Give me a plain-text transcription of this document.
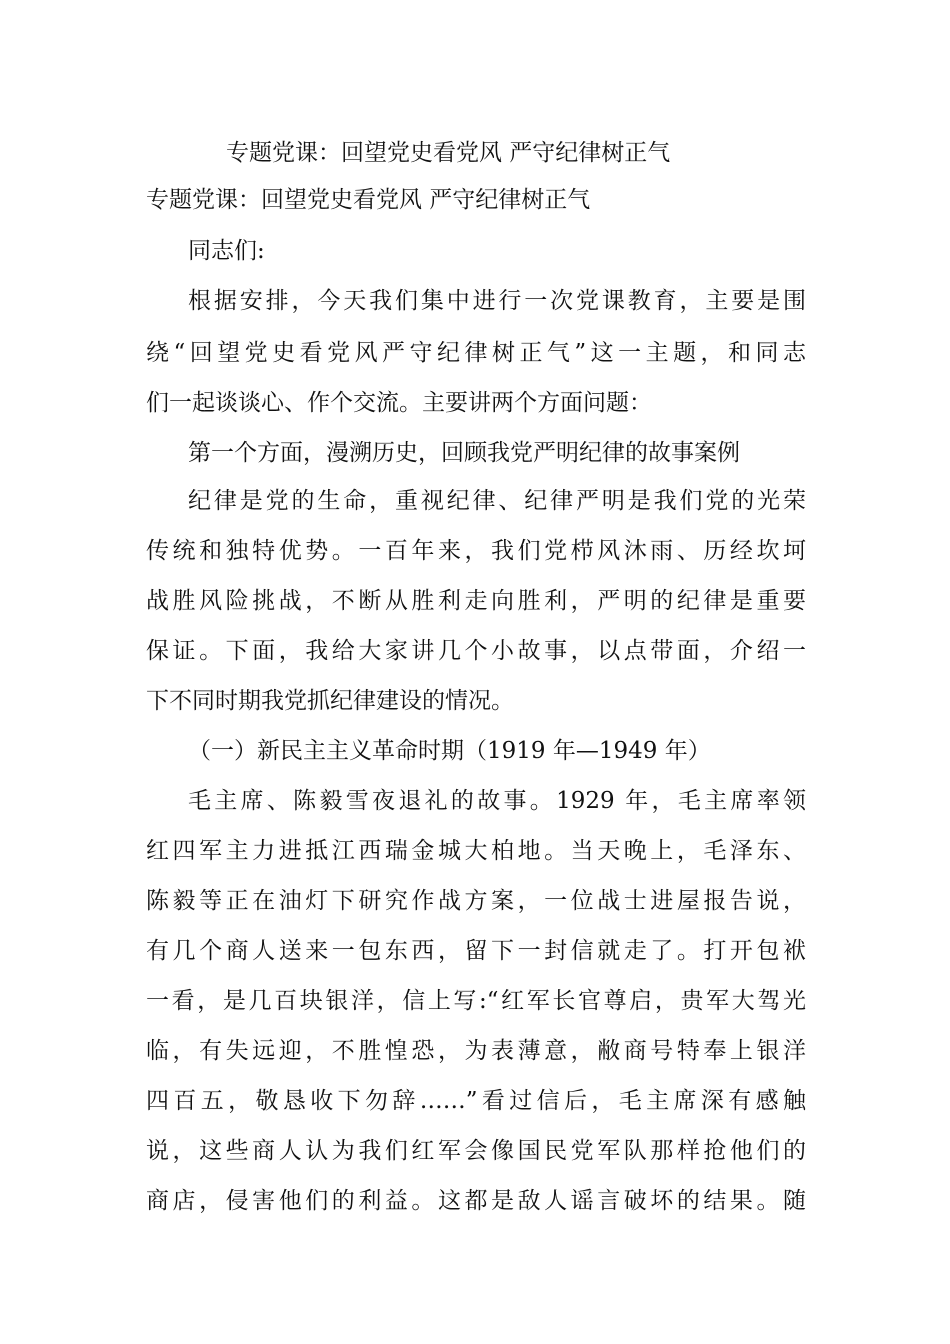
专题党课：回望党史看党风 严守纪律树正气
专题党课：回望党史看党风 严守纪律树正气
同志们:
根据安排，今天我们集中进行一次党课教育，主要是围
绕“回望党史看党风严守纪律树正气”这一主题，和同志
们一起谈谈心、作个交流。主要讲两个方面问题：
第一个方面，漫溯历史，回顾我党严明纪律的故事案例
纪律是党的生命，重视纪律、纪律严明是我们党的光荣
传统和独特优势。一百年来，我们党栉风沐雨、历经坎坷
战胜风险挑战，不断从胜利走向胜利，严明的纪律是重要
保证。下面，我给大家讲几个小故事，以点带面，介绍一
下不同时期我党抓纪律建设的情况。
（一）新民主主义革命时期（1919 年—1949 年）
毛主席、陈毅雪夜退礼的故事。1929 年，毛主席率领
红四军主力进抵江西瑞金城大柏地。当天晚上，毛泽东、
陈毅等正在油灯下研究作战方案，一位战士进屋报告说，
有几个商人送来一包东西，留下一封信就走了。打开包袱
一看，是几百块银洋，信上写:“红军长官尊启，贵军大驾光
临，有失远迎，不胜惶恐，为表薄意，敝商号特奉上银洋
四百五，敬恳收下勿辞……”看过信后，毛主席深有感触
说，这些商人认为我们红军会像国民党军队那样抢他们的
商店，侵害他们的利益。这都是敌人谣言破坏的结果。随
